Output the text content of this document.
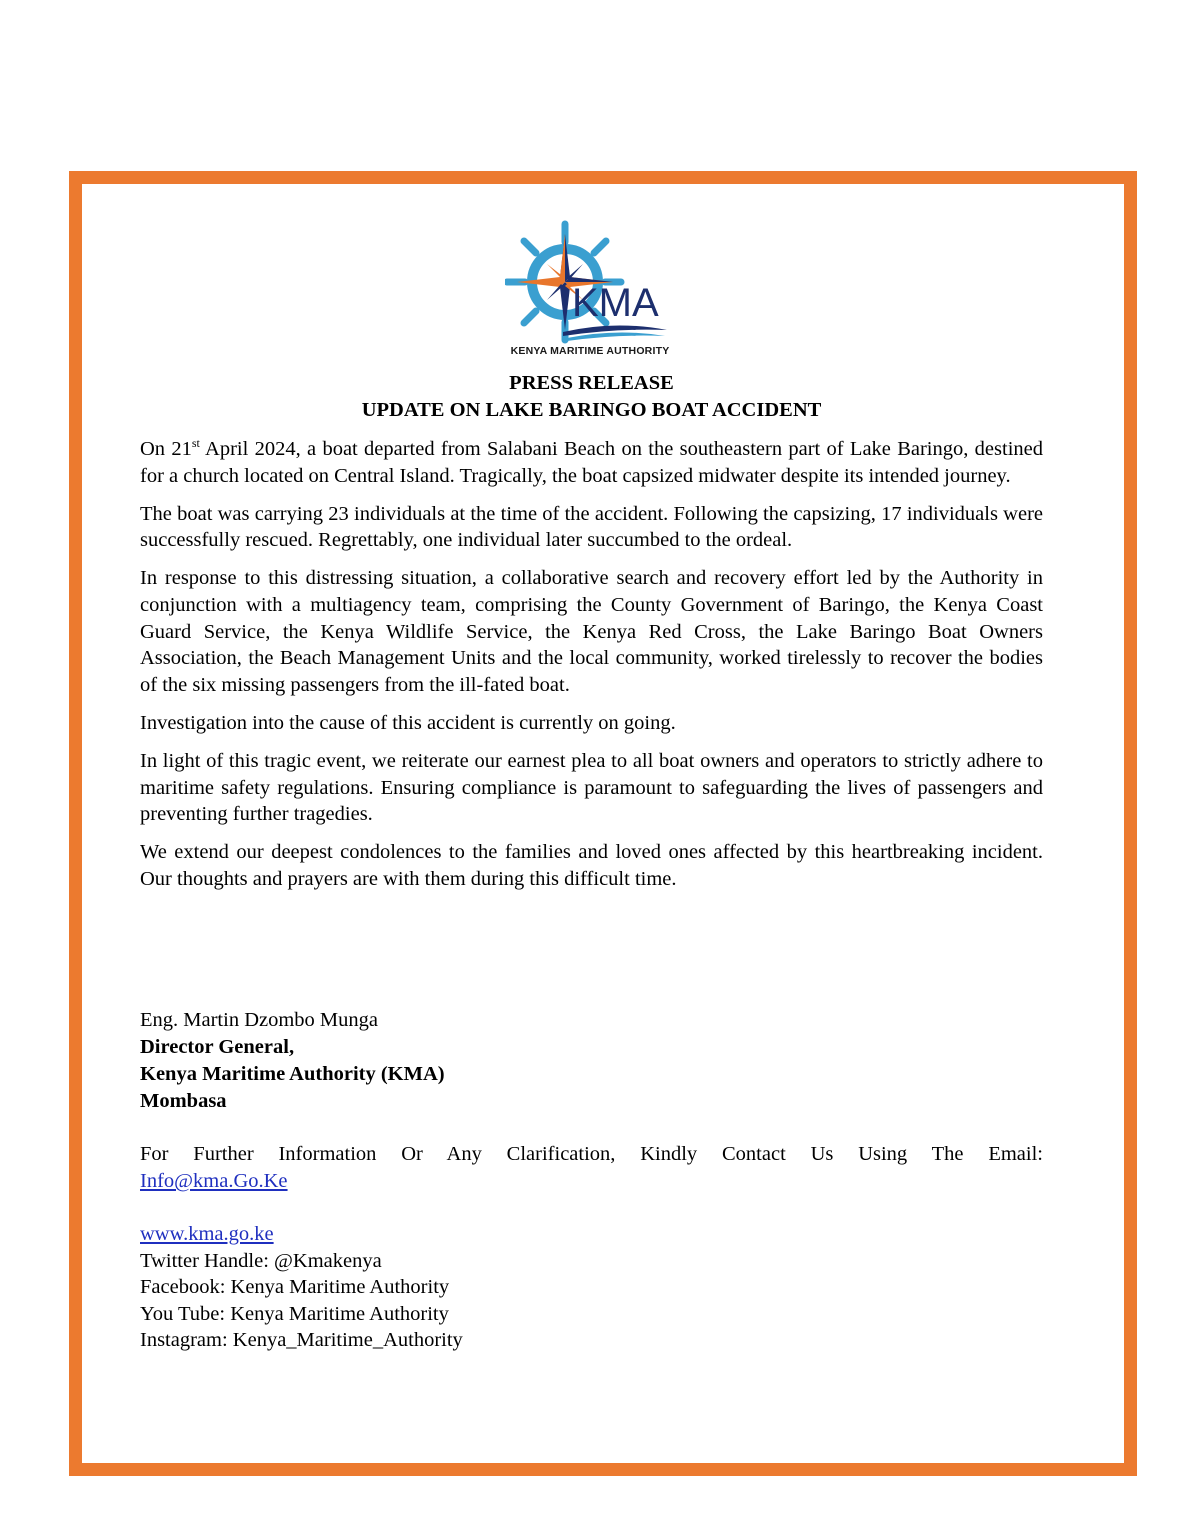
KMA
KENYA MARITIME AUTHORITY
PRESS RELEASE
UPDATE ON LAKE BARINGO BOAT ACCIDENT

On 21st April 2024, a boat departed from Salabani Beach on the southeastern part of Lake Baringo, destined for a church located on Central Island. Tragically, the boat capsized midwater despite its intended journey.

The boat was carrying 23 individuals at the time of the accident. Following the capsizing, 17 individuals were successfully rescued. Regrettably, one individual later succumbed to the ordeal.

In response to this distressing situation, a collaborative search and recovery effort led by the Authority in conjunction with a multiagency team, comprising the County Government of Baringo, the Kenya Coast Guard Service, the Kenya Wildlife Service, the Kenya Red Cross, the Lake Baringo Boat Owners Association, the Beach Management Units and the local community, worked tirelessly to recover the bodies of the six missing passengers from the ill-fated boat.

Investigation into the cause of this accident is currently on going.

In light of this tragic event, we reiterate our earnest plea to all boat owners and operators to strictly adhere to maritime safety regulations. Ensuring compliance is paramount to safeguarding the lives of passengers and preventing further tragedies.

We extend our deepest condolences to the families and loved ones affected by this heartbreaking incident. Our thoughts and prayers are with them during this difficult time.

Eng. Martin Dzombo Munga
Director General,
Kenya Maritime Authority (KMA)
Mombasa
For Further Information Or Any Clarification, Kindly Contact Us Using The Email:
Info@kma.Go.Ke
www.kma.go.ke
Twitter Handle: @Kmakenya
Facebook: Kenya Maritime Authority
You Tube: Kenya Maritime Authority
Instagram: Kenya_Maritime_Authority
